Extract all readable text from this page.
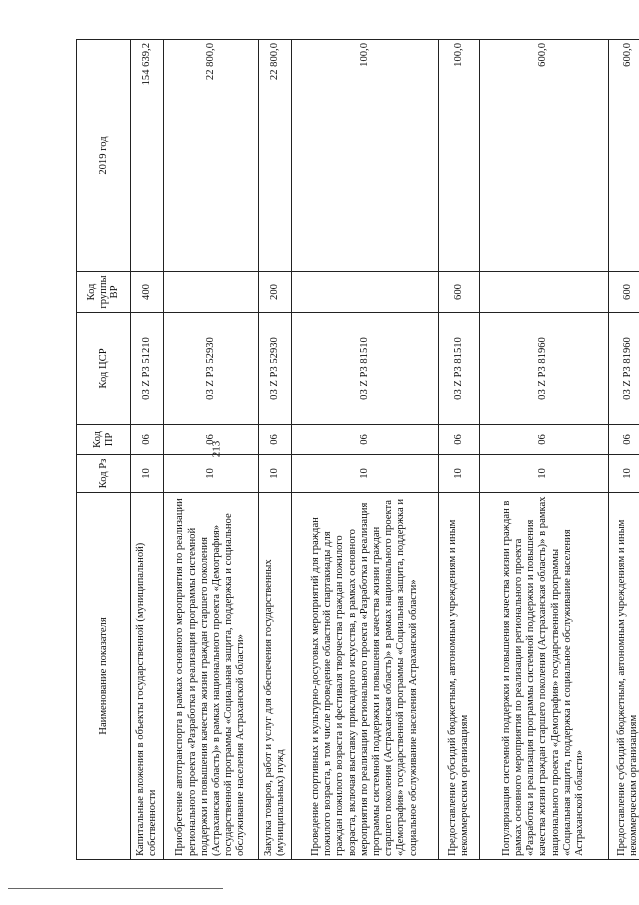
213
Наименование показателя	Код Рз	Код ПР	Код ЦСР	Код группы ВР	2019 год
Капитальные вложения в объекты государственной (муниципальной) собственности	10	06	03 Z P3 51210	400	154 639,2
Приобретение автотранспорта в рамках основного мероприятия по реализации регионального проекта «Разработка и реализация программы системной поддержки и повышения качества жизни граждан старшего поколения (Астраханская область)» в рамках национального проекта «Демография» государственной программы «Социальная защита, поддержка и социальное обслуживание населения Астраханской области»	10	06	03 Z P3 52930		22 800,0
Закупка товаров, работ и услуг для обеспечения государственных (муниципальных) нужд	10	06	03 Z P3 52930	200	22 800,0
Проведение спортивных и культурно-досуговых мероприятий для граждан пожилого возраста, в том числе проведение областной спартакиады для граждан пожилого возраста и фестиваля творчества граждан пожилого возраста, включая выставку прикладного искусства, в рамках основного мероприятия по реализации регионального проекта «Разработка и реализация программы системной поддержки и повышения качества жизни граждан старшего поколения (Астраханская область)» в рамках национального проекта «Демография» государственной программы «Социальная защита, поддержка и социальное обслуживание населения Астраханской области»	10	06	03 Z P3 81510		100,0
Предоставление субсидий бюджетным, автономным учреждениям и иным некоммерческим организациям	10	06	03 Z P3 81510	600	100,0
Популяризация системной поддержки и повышения качества жизни граждан в рамках основного мероприятия по реализации регионального проекта «Разработка и реализация программы системной поддержки и повышения качества жизни граждан старшего поколения (Астраханская область)» в рамках национального проекта «Демография» государственной программы «Социальная защита, поддержка и социальное обслуживание населения Астраханской области»	10	06	03 Z P3 81960		600,0
Предоставление субсидий бюджетным, автономным учреждениям и иным некоммерческим организациям	10	06	03 Z P3 81960	600	600,0
